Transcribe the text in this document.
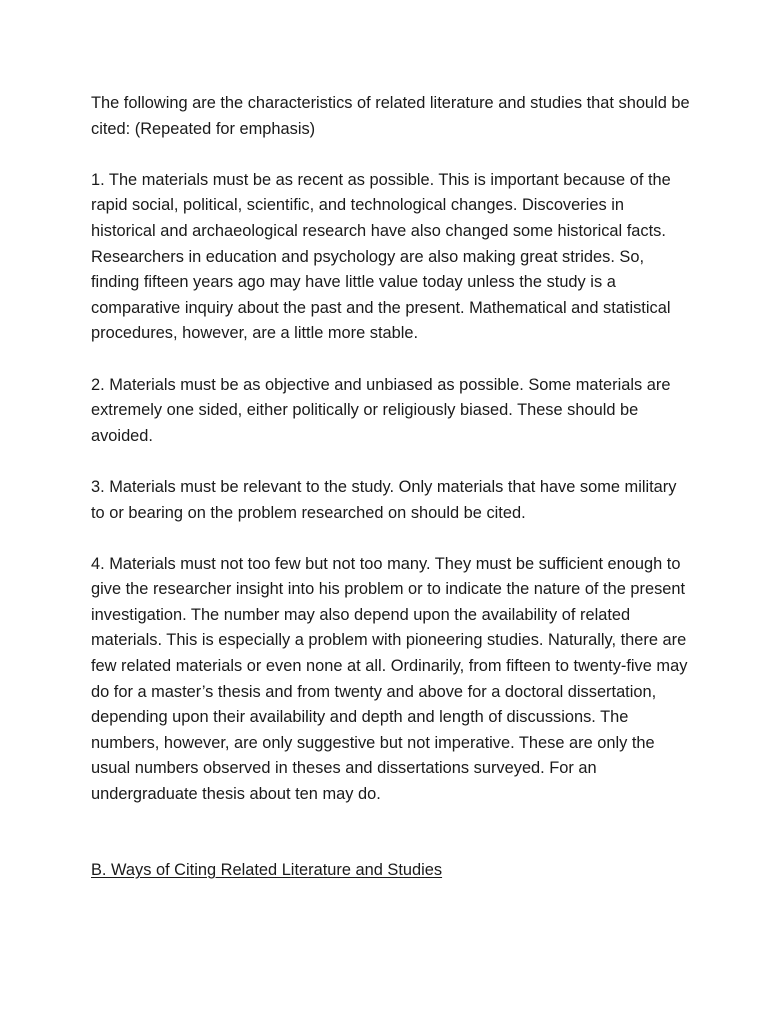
The following are the characteristics of related literature and studies that should be cited: (Repeated for emphasis)

1. The materials must be as recent as possible. This is important because of the rapid social, political, scientific, and technological changes. Discoveries in historical and archaeological research have also changed some historical facts. Researchers in education and psychology are also making great strides. So, finding fifteen years ago may have little value today unless the study is a comparative inquiry about the past and the present. Mathematical and statistical procedures, however, are a little more stable.

2. Materials must be as objective and unbiased as possible. Some materials are extremely one sided, either politically or religiously biased. These should be avoided.

3. Materials must be relevant to the study. Only materials that have some military to or bearing on the problem researched on should be cited.

4. Materials must not too few but not too many. They must be sufficient enough to give the researcher insight into his problem or to indicate the nature of the present investigation. The number may also depend upon the availability of related materials. This is especially a problem with pioneering studies. Naturally, there are few related materials or even none at all. Ordinarily, from fifteen to twenty-five may do for a master’s thesis and from twenty and above for a doctoral dissertation, depending upon their availability and depth and length of discussions. The numbers, however, are only suggestive but not imperative. These are only the usual numbers observed in theses and dissertations surveyed. For an undergraduate thesis about ten may do.

B. Ways of Citing Related Literature and Studies
